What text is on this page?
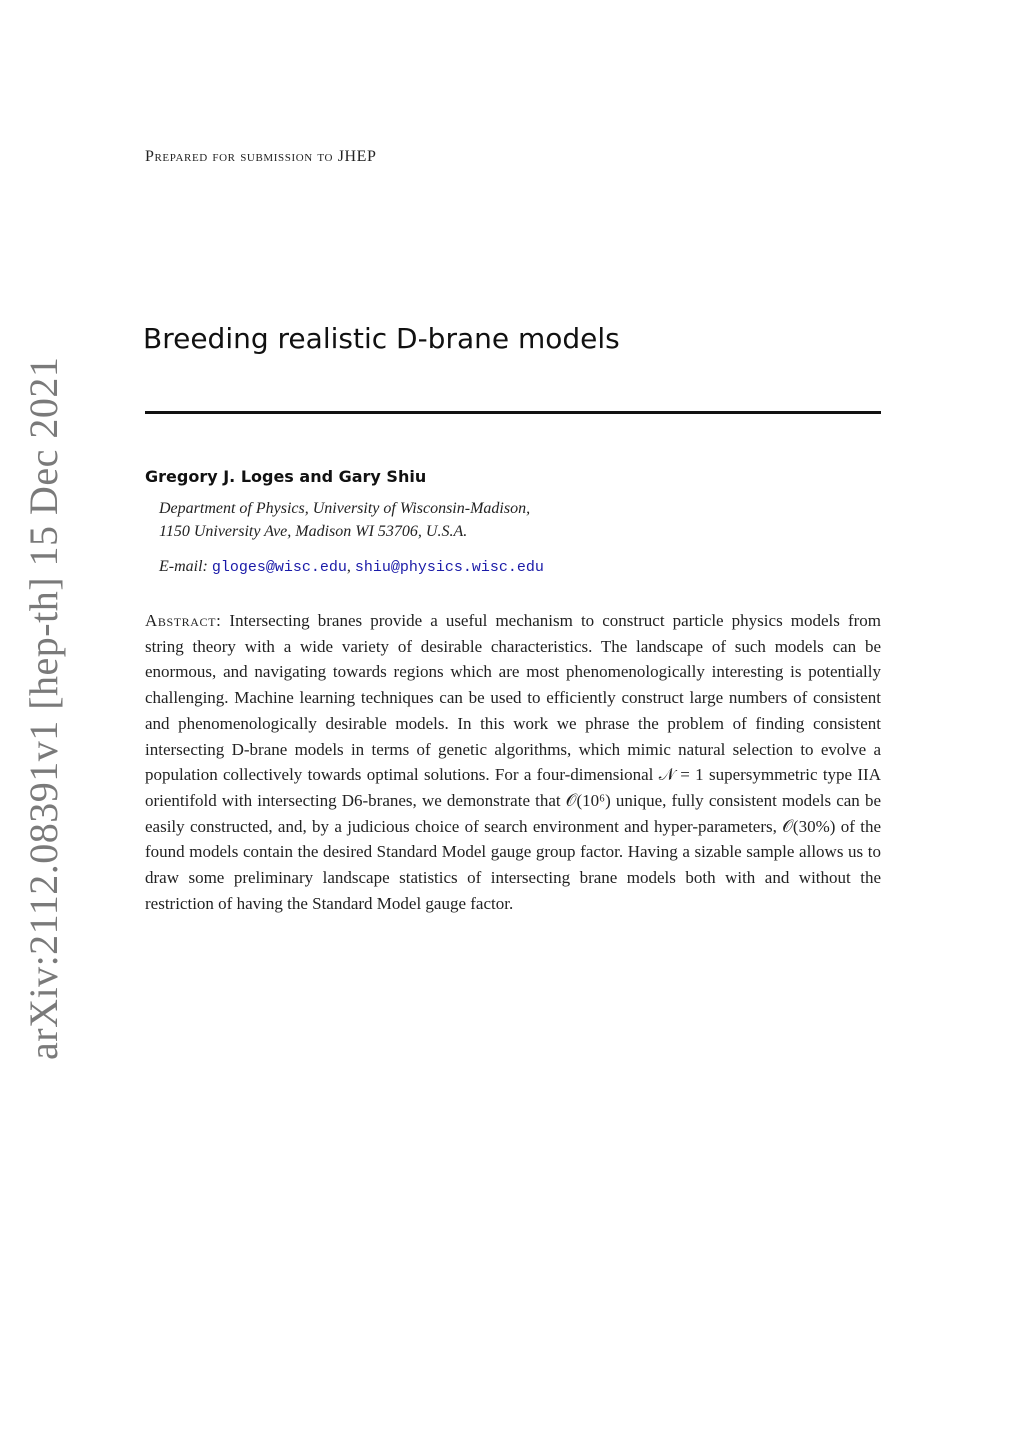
arXiv:2112.08391v1 [hep-th] 15 Dec 2021
Prepared for submission to JHEP
Breeding realistic D-brane models
Gregory J. Loges and Gary Shiu
Department of Physics, University of Wisconsin-Madison,
1150 University Ave, Madison WI 53706, U.S.A.
E-mail: gloges@wisc.edu, shiu@physics.wisc.edu

Abstract: Intersecting branes provide a useful mechanism to construct particle physics models from string theory with a wide variety of desirable characteristics. The landscape of such models can be enormous, and navigating towards regions which are most phenomenologically interesting is potentially challenging. Machine learning techniques can be used to efficiently construct large numbers of consistent and phenomenologically desirable models. In this work we phrase the problem of finding consistent intersecting D-brane models in terms of genetic algorithms, which mimic natural selection to evolve a population collectively towards optimal solutions. For a four-dimensional 𝒩 = 1 supersymmetric type IIA orientifold with intersecting D6-branes, we demonstrate that 𝒪(10⁶) unique, fully consistent models can be easily constructed, and, by a judicious choice of search environment and hyper-parameters, 𝒪(30%) of the found models contain the desired Standard Model gauge group factor. Having a sizable sample allows us to draw some preliminary landscape statistics of intersecting brane models both with and without the restriction of having the Standard Model gauge factor.
